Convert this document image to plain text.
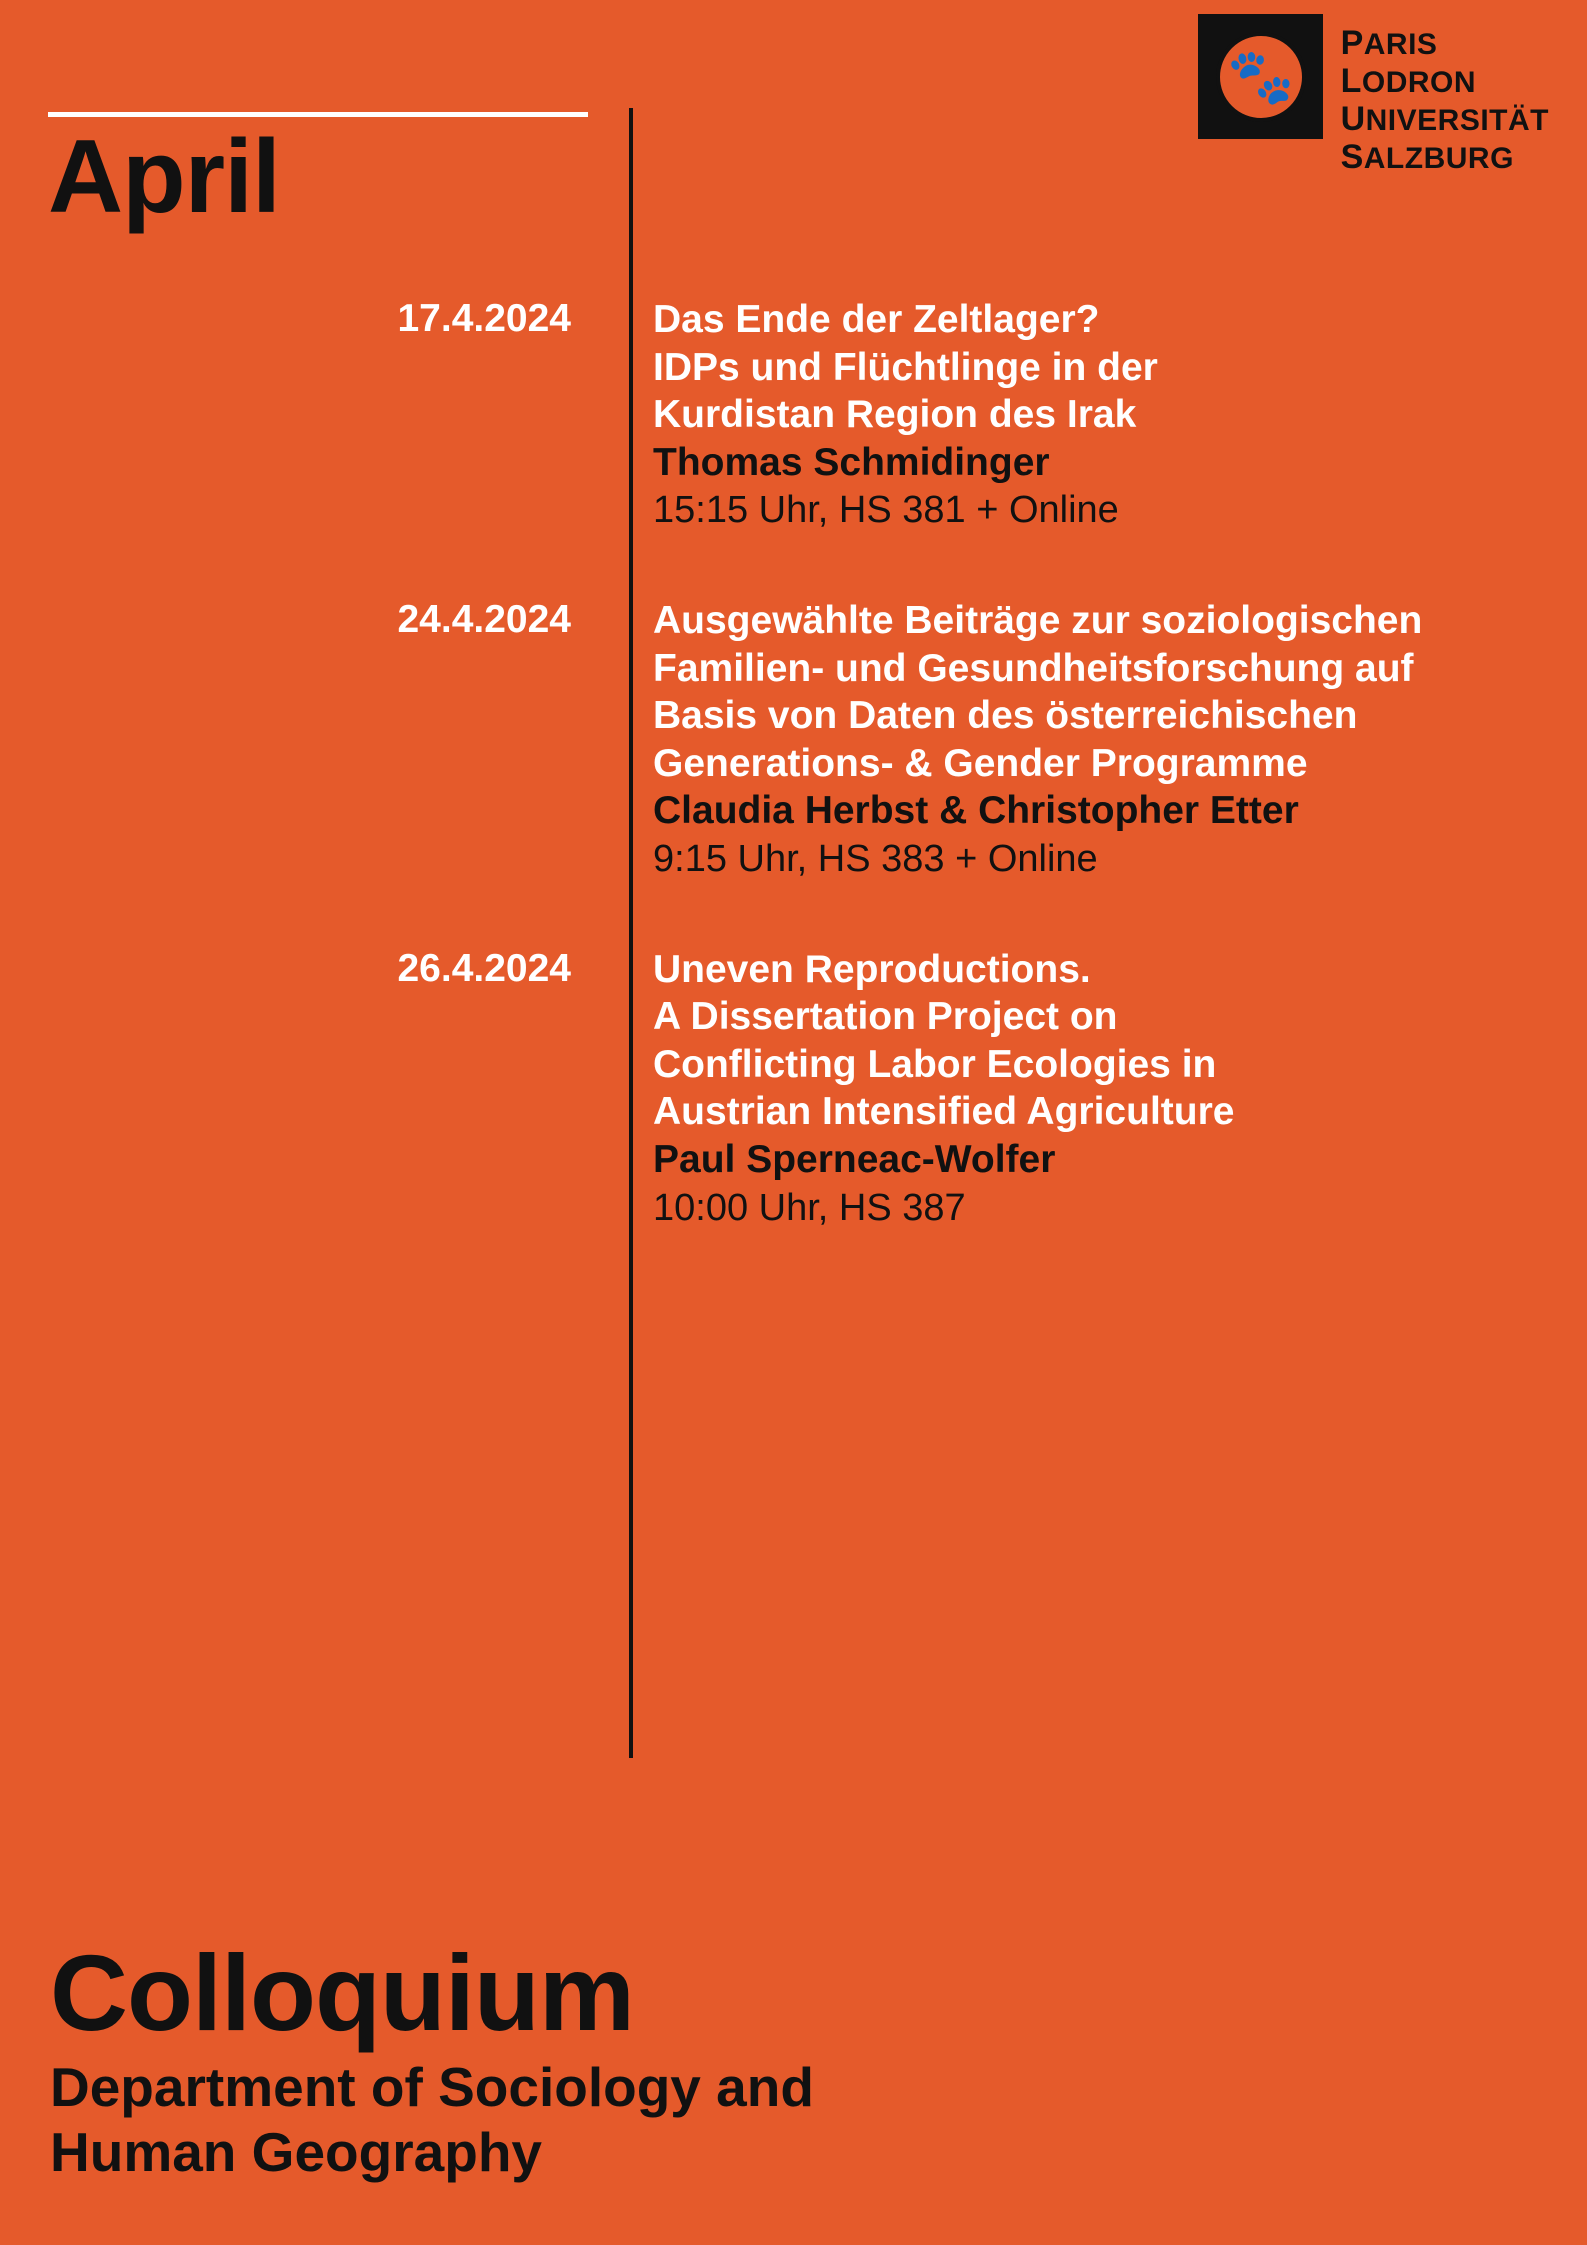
🐾
PARIS
LODRON
UNIVERSITÄT
SALZBURG
April
17.4.2024	Das Ende der Zeltlager?
IDPs und Flüchtlinge in der
Kurdistan Region des Irak
Thomas Schmidinger
15:15 Uhr, HS 381 + Online
24.4.2024	Ausgewählte Beiträge zur soziologischen Familien- und Gesundheitsforschung auf Basis von Daten des österreichischen Generations- & Gender Programme
Claudia Herbst & Christopher Etter
9:15 Uhr, HS 383 + Online
26.4.2024	Uneven Reproductions.
A Dissertation Project on
Conflicting Labor Ecologies in
Austrian Intensified Agriculture
Paul Sperneac-Wolfer
10:00 Uhr, HS 387
Colloquium
Department of Sociology and
Human Geography
